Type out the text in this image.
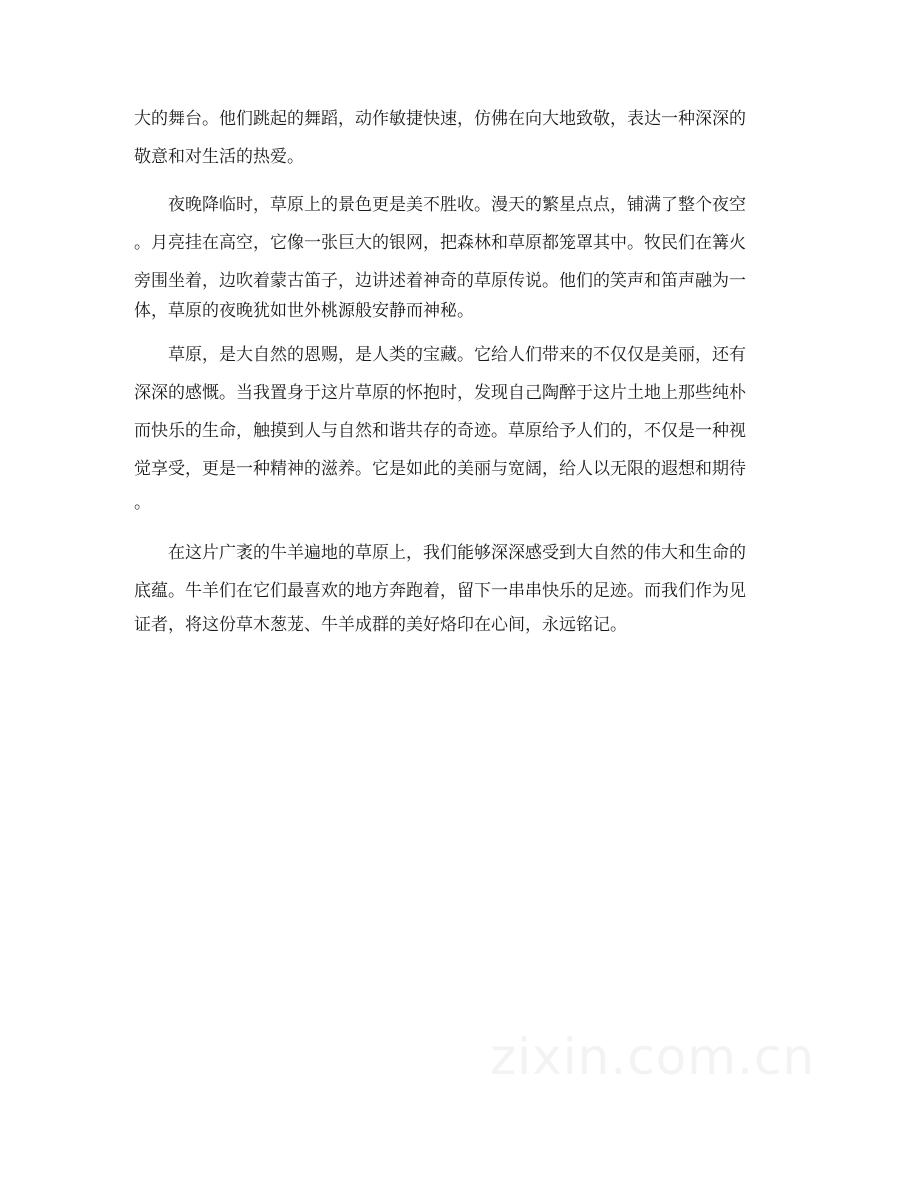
大的舞台。他们跳起的舞蹈，动作敏捷快速，仿佛在向大地致敬，表达一种深深的
敬意和对生活的热爱。
夜晚降临时，草原上的景色更是美不胜收。漫天的繁星点点，铺满了整个夜空
。月亮挂在高空，它像一张巨大的银网，把森林和草原都笼罩其中。牧民们在篝火
旁围坐着，边吹着蒙古笛子，边讲述着神奇的草原传说。他们的笑声和笛声融为一
体，草原的夜晚犹如世外桃源般安静而神秘。
草原，是大自然的恩赐，是人类的宝藏。它给人们带来的不仅仅是美丽，还有
深深的感慨。当我置身于这片草原的怀抱时，发现自己陶醉于这片土地上那些纯朴
而快乐的生命，触摸到人与自然和谐共存的奇迹。草原给予人们的，不仅是一种视
觉享受，更是一种精神的滋养。它是如此的美丽与宽阔，给人以无限的遐想和期待
。
在这片广袤的牛羊遍地的草原上，我们能够深深感受到大自然的伟大和生命的
底蕴。牛羊们在它们最喜欢的地方奔跑着，留下一串串快乐的足迹。而我们作为见
证者，将这份草木葱茏、牛羊成群的美好烙印在心间，永远铭记。
zixin.com.cn
